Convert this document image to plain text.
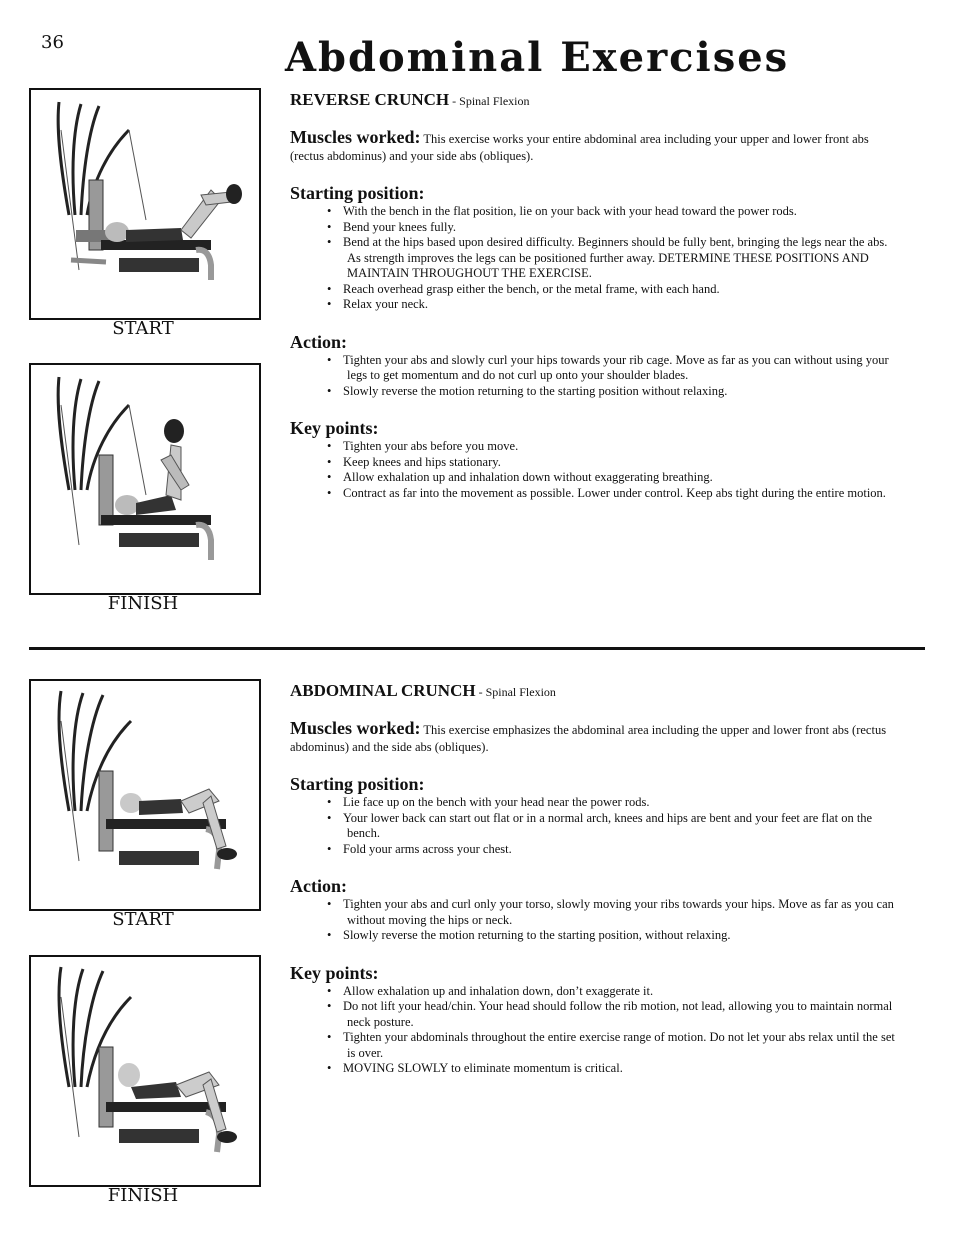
36	Abdominal Exercises
START
FINISH

REVERSE CRUNCH - Spinal Flexion

Muscles worked: This exercise works your entire abdominal area including your upper and lower front abs (rectus abdominus) and your side abs (obliques).

Starting position:

• With the bench in the flat position, lie on your back with your head toward the power rods.
• Bend your knees fully.
• Bend at the hips based upon desired difficulty. Beginners should be fully bent, bringing the legs near the abs. As strength improves the legs can be positioned further away. DETERMINE THESE POSITIONS AND MAINTAIN THROUGHOUT THE EXERCISE.
• Reach overhead grasp either the bench, or the metal frame, with each hand.
• Relax your neck.

Action:

• Tighten your abs and slowly curl your hips towards your rib cage. Move as far as you can without using your legs to get momentum and do not curl up onto your shoulder blades.
• Slowly reverse the motion returning to the starting position without relaxing.

Key points:

• Tighten your abs before you move.
• Keep knees and hips stationary.
• Allow exhalation up and inhalation down without exaggerating breathing.
• Contract as far into the movement as possible. Lower under control. Keep abs tight during the entire motion.
START
FINISH

ABDOMINAL CRUNCH - Spinal Flexion

Muscles worked: This exercise emphasizes the abdominal area including the upper and lower front abs (rectus abdominus) and the side abs (obliques).

Starting position:

• Lie face up on the bench with your head near the power rods.
• Your lower back can start out flat or in a normal arch, knees and hips are bent and your feet are flat on the bench.
• Fold your arms across your chest.

Action:

• Tighten your abs and curl only your torso, slowly moving your ribs towards your hips. Move as far as you can without moving the hips or neck.
• Slowly reverse the motion returning to the starting position, without relaxing.

Key points:

• Allow exhalation up and inhalation down, don’t exaggerate it.
• Do not lift your head/chin. Your head should follow the rib motion, not lead, allowing you to maintain normal neck posture.
• Tighten your abdominals throughout the entire exercise range of motion. Do not let your abs relax until the set is over.
• MOVING SLOWLY to eliminate momentum is critical.
